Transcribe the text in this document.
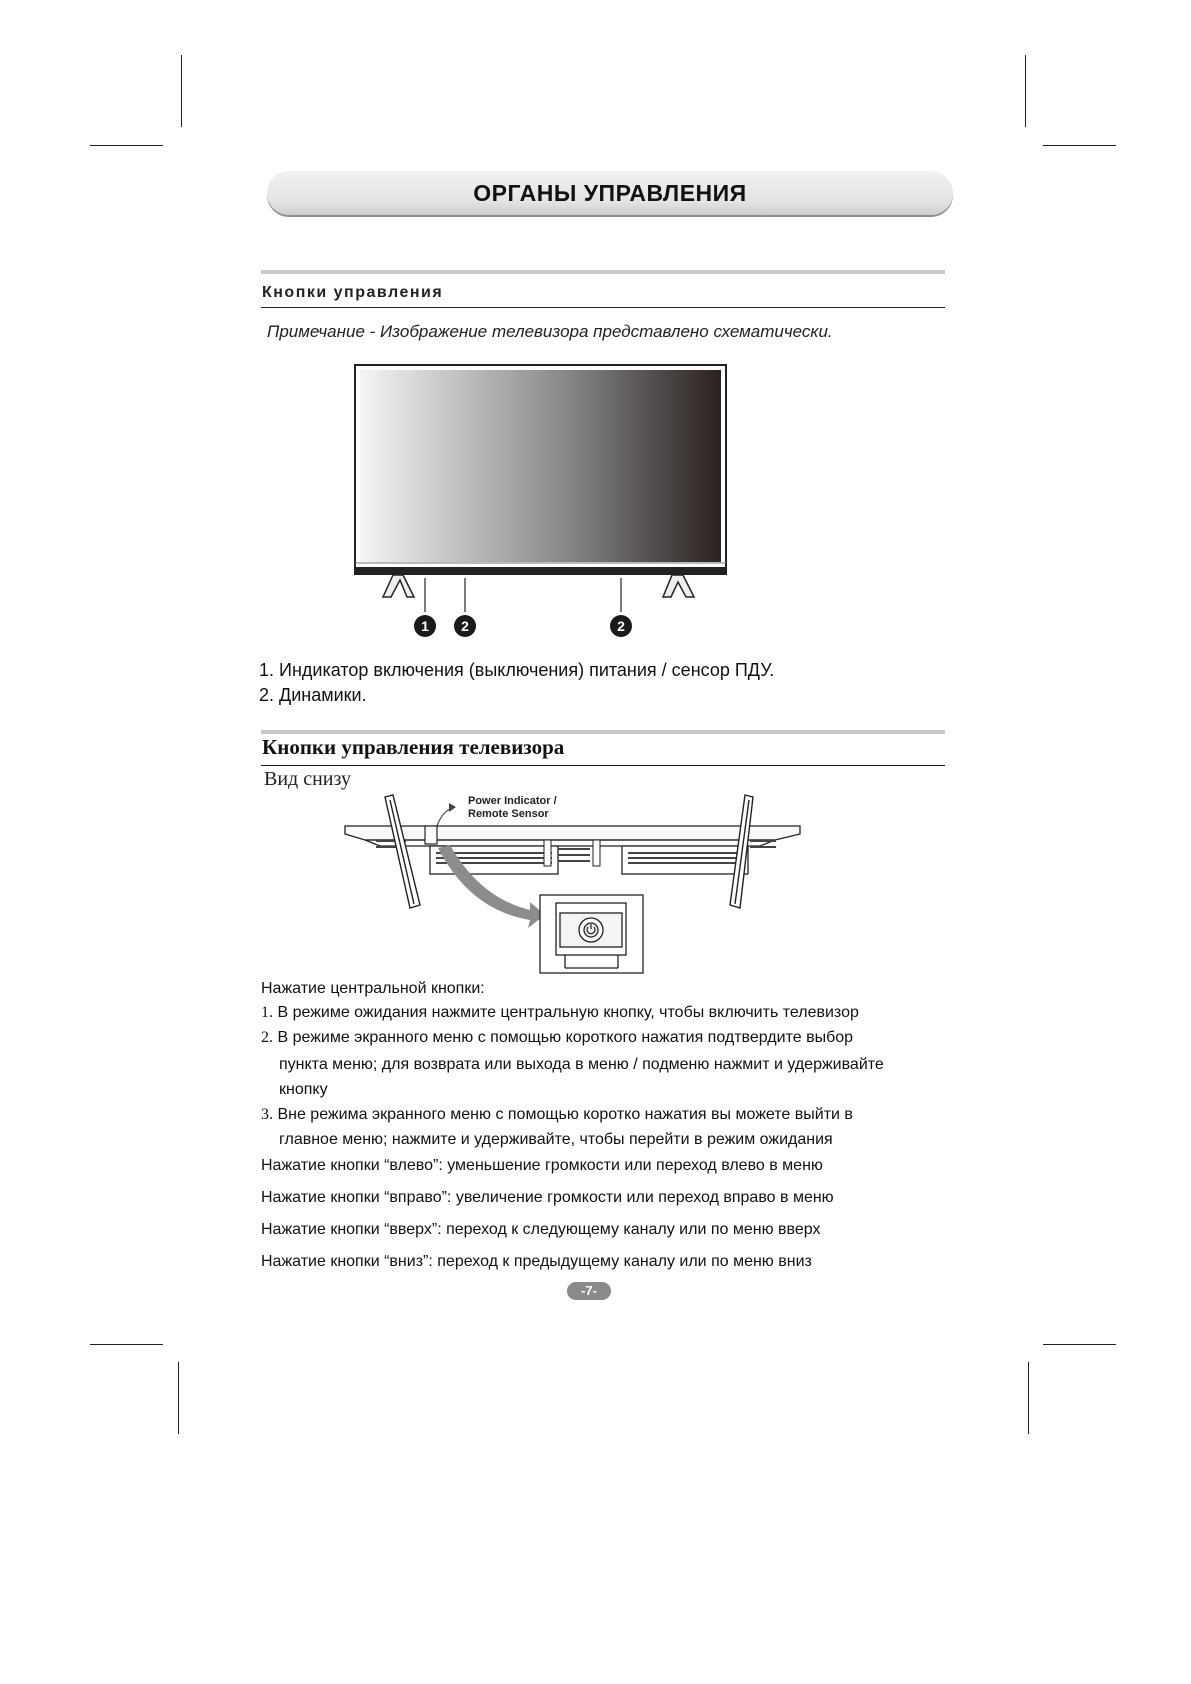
ОРГАНЫ УПРАВЛЕНИЯ
Кнопки управления
Примечание - Изображение телевизора представлено схематически.
1 2	2
1. Индикатор включения (выключения) питания / сенсор ПДУ.
2. Динамики.
Кнопки управления телевизора
Вид снизу
Power Indicator /
Remote Sensor
Нажатие центральной кнопки:
1. В режиме ожидания нажмите центральную кнопку, чтобы включить телевизор
2. В режиме экранного меню с помощью короткого нажатия подтвердите выбор
пункта меню; для возврата или выхода в меню / подменю нажмит и удерживайте
кнопку
3. Вне режима экранного меню с помощью коротко нажатия вы можете выйти в
главное меню; нажмите и удерживайте, чтобы перейти в режим ожидания
Нажатие кнопки “влево”: уменьшение громкости или переход влево в меню
Нажатие кнопки “вправо”: увеличение громкости или переход вправо в меню
Нажатие кнопки “вверх”: переход к следующему каналу или по меню вверх
Нажатие кнопки “вниз”: переход к предыдущему каналу или по меню вниз
-7-
